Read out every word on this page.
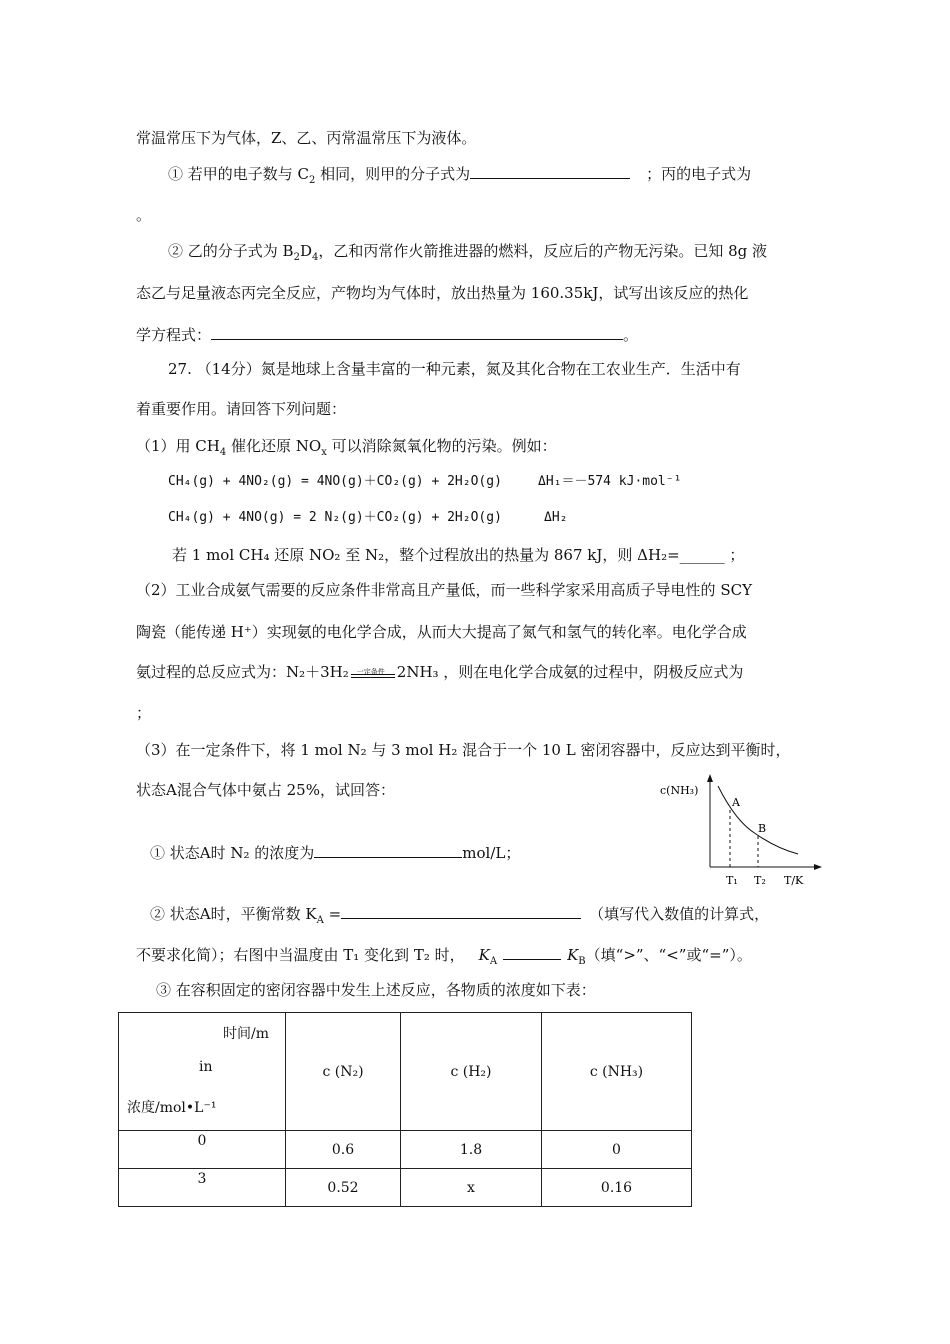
常温常压下为气体，Z、乙、丙常温常压下为液体。
① 若甲的电子数与 $C_2$ 相同，则甲的分子式为	；丙的电子式为
。
② 乙的分子式为 $B_2D_4$，乙和丙常作火箭推进器的燃料，反应后的产物无污染。已知 8g 液
态乙与足量液态丙完全反应，产物均为气体时，放出热量为 160.35kJ，试写出该反应的热化
学方程式：	。
27. （14分）氮是地球上含量丰富的一种元素，氮及其化合物在工农业生产．生活中有
着重要作用。请回答下列问题：
（1）用 $CH_4$ 催化还原 $NO_x$ 可以消除氮氧化物的污染。例如：
CH₄(g) + 4NO₂(g) = 4NO(g)＋CO₂(g) + 2H₂O(g)	ΔH₁＝－574 kJ·mol⁻¹
CH₄(g) + 4NO(g) = 2 N₂(g)＋CO₂(g) + 2H₂O(g)	ΔH₂
若 1 mol CH₄ 还原 NO₂ 至 N₂，整个过程放出的热量为 867 kJ，则 ΔH₂=______ ；
（2）工业合成氨气需要的反应条件非常高且产量低，而一些科学家采用高质子导电性的 SCY
陶瓷（能传递 H⁺）实现氨的电化学合成，从而大大提高了氮气和氢气的转化率。电化学合成
氨过程的总反应式为：N₂＋3H₂ 一定条件 2NH₃ ，则在电化学合成氨的过程中，阴极反应式为
；
（3）在一定条件下，将 1 mol N₂ 与 3 mol H₂ 混合于一个 10 L 密闭容器中，反应达到平衡时，
状态A混合气体中氨占 25%，试回答：	c(NH₃)
A
B
T₁ T₂ T/K
① 状态A时 N₂ 的浓度为	mol/L；
② 状态A时，平衡常数 $K_A$ =	（填写代入数值的计算式，
不要求化简）；右图中当温度由 T₁ 变化到 T₂ 时， $K_A$	$K_B$（填“>”、“<”或“=”）。
③ 在容积固定的密闭容器中发生上述反应，各物质的浓度如下表：
时间/m
in
浓度/mol•L⁻¹	c (N₂)	c (H₂)	c (NH₃)
0	0.6	1.8	0
3	0.52	x	0.16
